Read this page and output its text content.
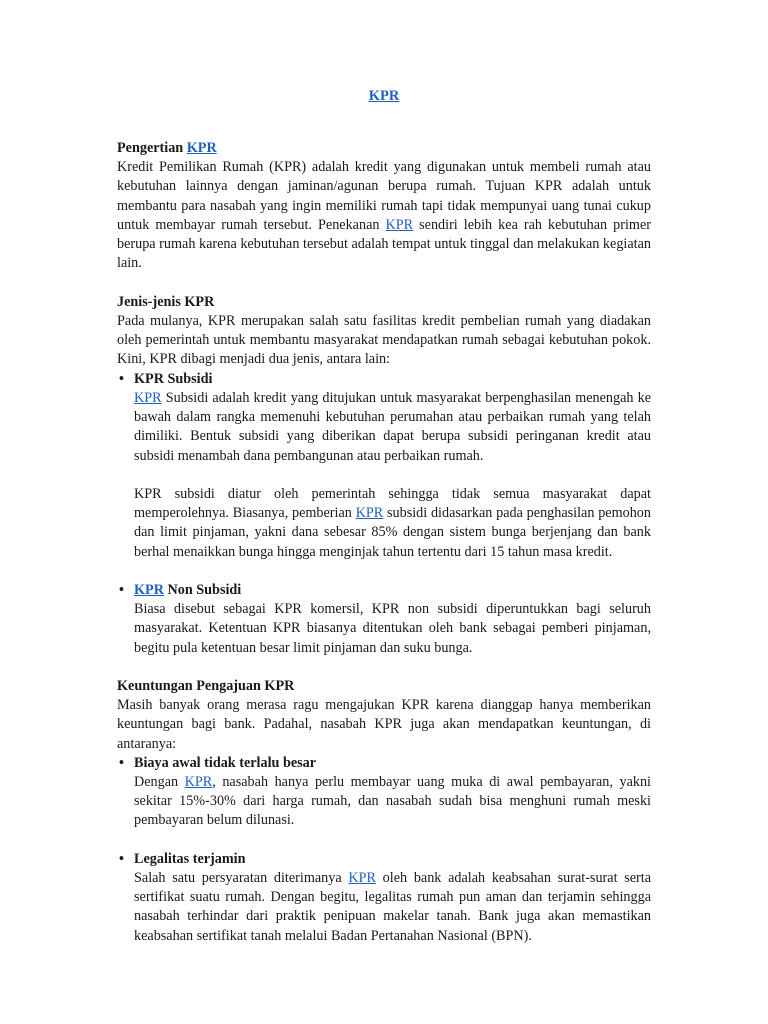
KPR
Pengertian KPR

Kredit Pemilikan Rumah (KPR) adalah kredit yang digunakan untuk membeli rumah atau kebutuhan lainnya dengan jaminan/agunan berupa rumah. Tujuan KPR adalah untuk membantu para nasabah yang ingin memiliki rumah tapi tidak mempunyai uang tunai cukup untuk membayar rumah tersebut. Penekanan KPR sendiri lebih kea rah kebutuhan primer berupa rumah karena kebutuhan tersebut adalah tempat untuk tinggal dan melakukan kegiatan lain.

Jenis-jenis KPR

Pada mulanya, KPR merupakan salah satu fasilitas kredit pembelian rumah yang diadakan oleh pemerintah untuk membantu masyarakat mendapatkan rumah sebagai kebutuhan pokok. Kini, KPR dibagi menjadi dua jenis, antara lain:

• KPR Subsidi

KPR Subsidi adalah kredit yang ditujukan untuk masyarakat berpenghasilan menengah ke bawah dalam rangka memenuhi kebutuhan perumahan atau perbaikan rumah yang telah dimiliki. Bentuk subsidi yang diberikan dapat berupa subsidi peringanan kredit atau subsidi menambah dana pembangunan atau perbaikan rumah.

KPR subsidi diatur oleh pemerintah sehingga tidak semua masyarakat dapat memperolehnya. Biasanya, pemberian KPR subsidi didasarkan pada penghasilan pemohon dan limit pinjaman, yakni dana sebesar 85% dengan sistem bunga berjenjang dan bank berhal menaikkan bunga hingga menginjak tahun tertentu dari 15 tahun masa kredit.

• KPR Non Subsidi

Biasa disebut sebagai KPR komersil, KPR non subsidi diperuntukkan bagi seluruh masyarakat. Ketentuan KPR biasanya ditentukan oleh bank sebagai pemberi pinjaman, begitu pula ketentuan besar limit pinjaman dan suku bunga.

Keuntungan Pengajuan KPR

Masih banyak orang merasa ragu mengajukan KPR karena dianggap hanya memberikan keuntungan bagi bank. Padahal, nasabah KPR juga akan mendapatkan keuntungan, di antaranya:

• Biaya awal tidak terlalu besar

Dengan KPR, nasabah hanya perlu membayar uang muka di awal pembayaran, yakni sekitar 15%-30% dari harga rumah, dan nasabah sudah bisa menghuni rumah meski pembayaran belum dilunasi.

• Legalitas terjamin

Salah satu persyaratan diterimanya KPR oleh bank adalah keabsahan surat-surat serta sertifikat suatu rumah. Dengan begitu, legalitas rumah pun aman dan terjamin sehingga nasabah terhindar dari praktik penipuan makelar tanah. Bank juga akan memastikan keabsahan sertifikat tanah melalui Badan Pertanahan Nasional (BPN).
